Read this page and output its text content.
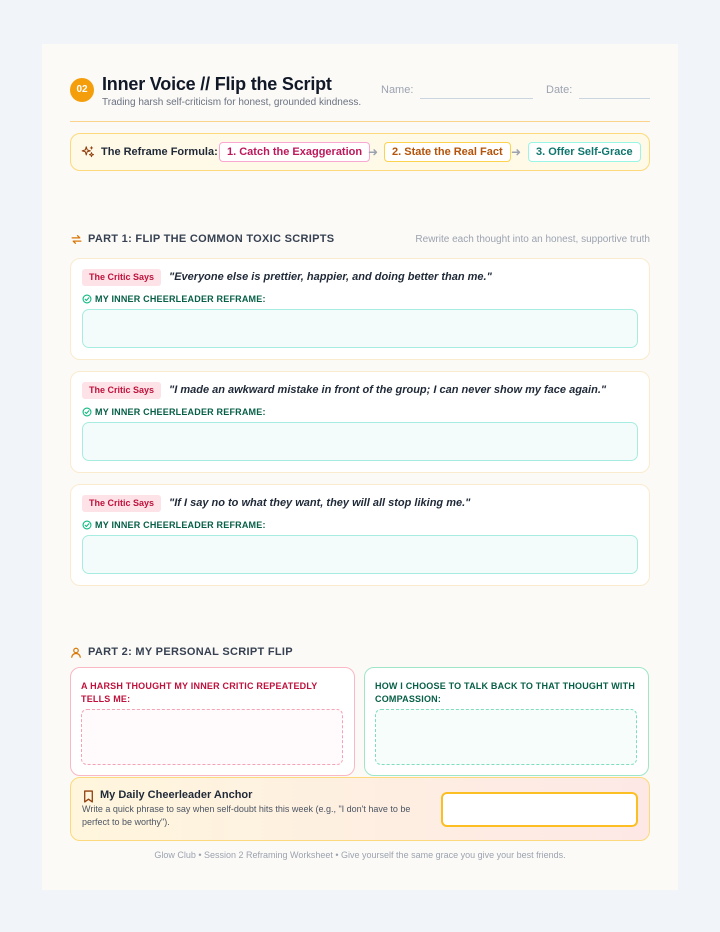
02 Inner Voice // Flip the Script
Trading harsh self-criticism for honest, grounded kindness.
Name:	Date:
The Reframe Formula: 1. Catch the Exaggeration ➜	2. State the Real Fact ➜	3. Offer Self-Grace
PART 1: FLIP THE COMMON TOXIC SCRIPTS	Rewrite each thought into an honest, supportive truth
The Critic Says	"Everyone else is prettier, happier, and doing better than me."
MY INNER CHEERLEADER REFRAME:
The Critic Says	"I made an awkward mistake in front of the group; I can never show my face again."
MY INNER CHEERLEADER REFRAME:
The Critic Says	"If I say no to what they want, they will all stop liking me."
MY INNER CHEERLEADER REFRAME:
PART 2: MY PERSONAL SCRIPT FLIP
A HARSH THOUGHT MY INNER CRITIC REPEATEDLY TELLS ME:
HOW I CHOOSE TO TALK BACK TO THAT THOUGHT WITH COMPASSION:
My Daily Cheerleader Anchor
Write a quick phrase to say when self-doubt hits this week (e.g., "I don't have to be perfect to be worthy").
Glow Club • Session 2 Reframing Worksheet • Give yourself the same grace you give your best friends.
